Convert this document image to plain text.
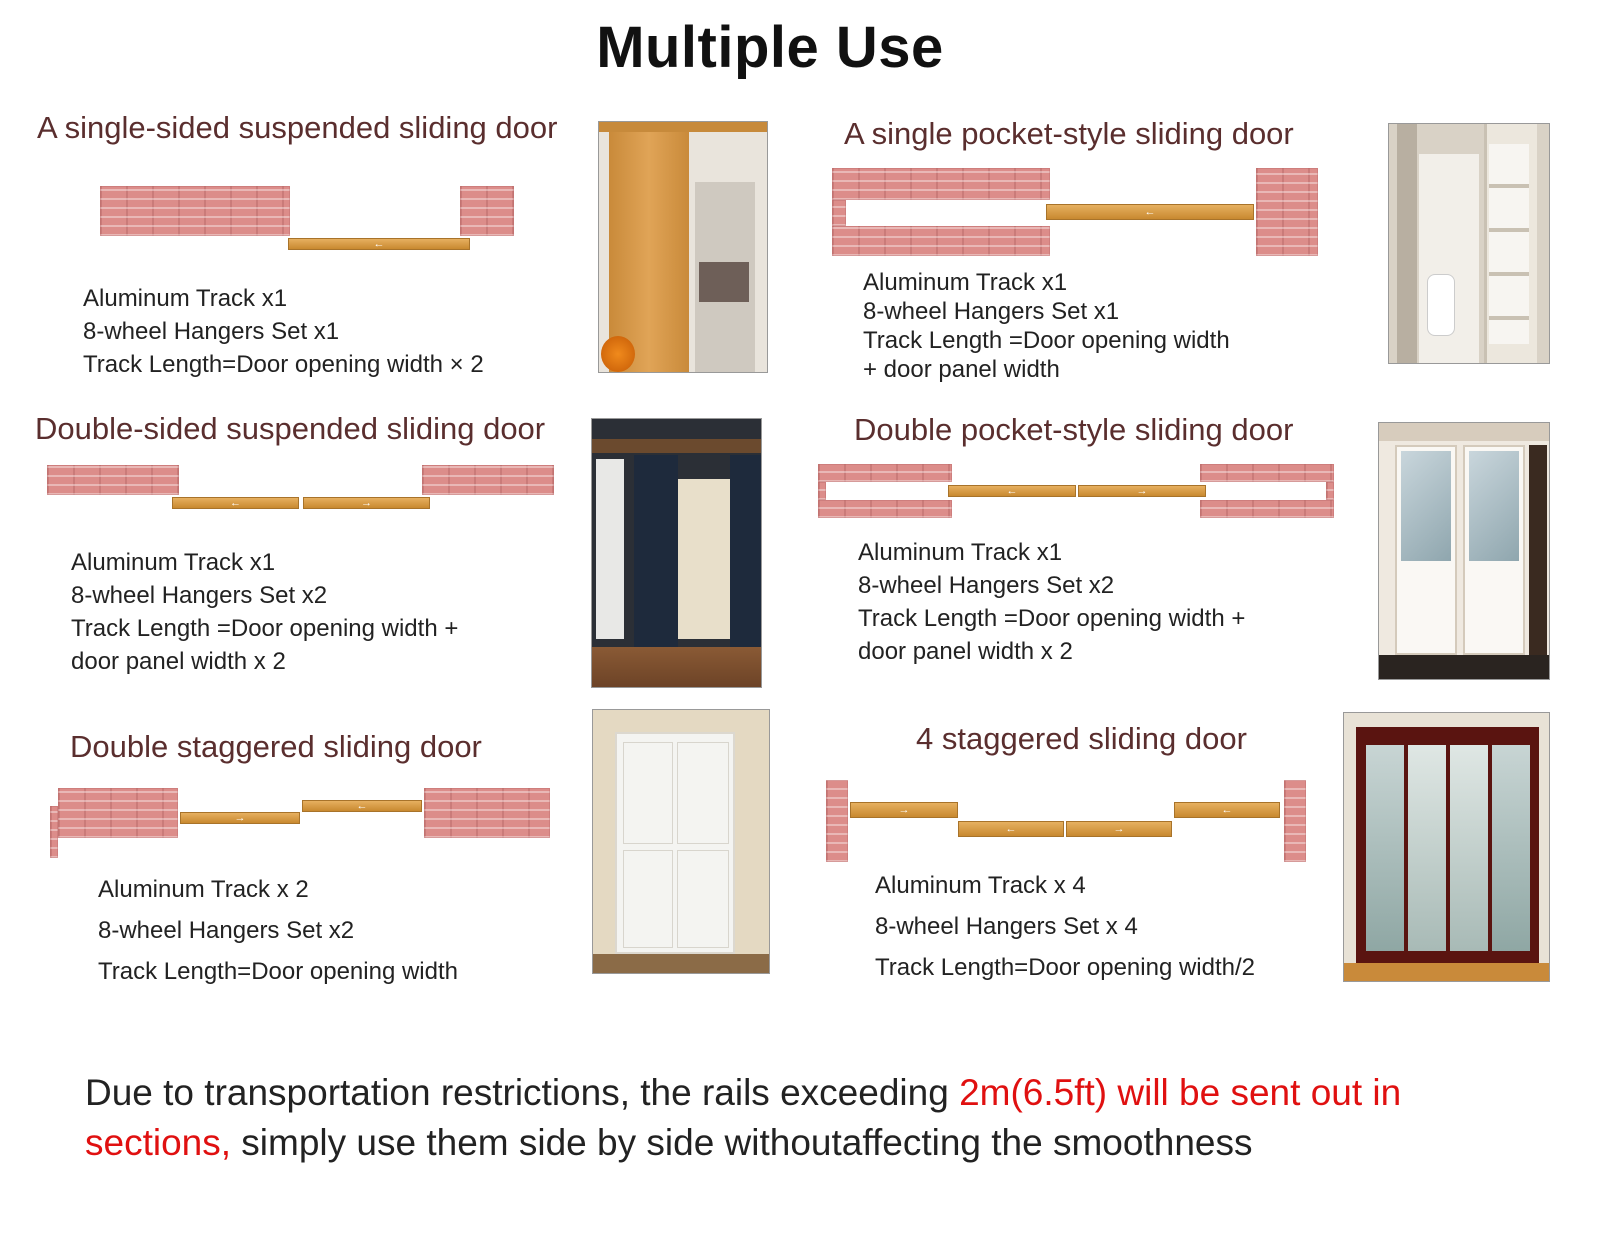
Multiple Use
A single-sided suspended sliding door
←
Aluminum Track x1
8-wheel Hangers Set x1
Track Length=Door opening width × 2
A single pocket-style sliding door
←
Aluminum Track x1
8-wheel Hangers Set x1
Track Length =Door opening width
+ door panel width
Double-sided suspended sliding door
←	→
Aluminum Track x1
8-wheel Hangers Set x2
Track Length =Door opening width +
door panel width x 2
Double pocket-style sliding door
←	→
Aluminum Track x1
8-wheel Hangers Set x2
Track Length =Door opening width +
door panel width x 2
Double staggered sliding door
→
←
Aluminum Track x 2
8-wheel Hangers Set x2
Track Length=Door opening width
4 staggered sliding door
→
←	→
←
Aluminum Track x 4
8-wheel Hangers Set x 4
Track Length=Door opening width/2
Due to transportation restrictions, the rails exceeding 2m(6.5ft) will be sent out in sections, simply use them side by side withoutaffecting the smoothness
